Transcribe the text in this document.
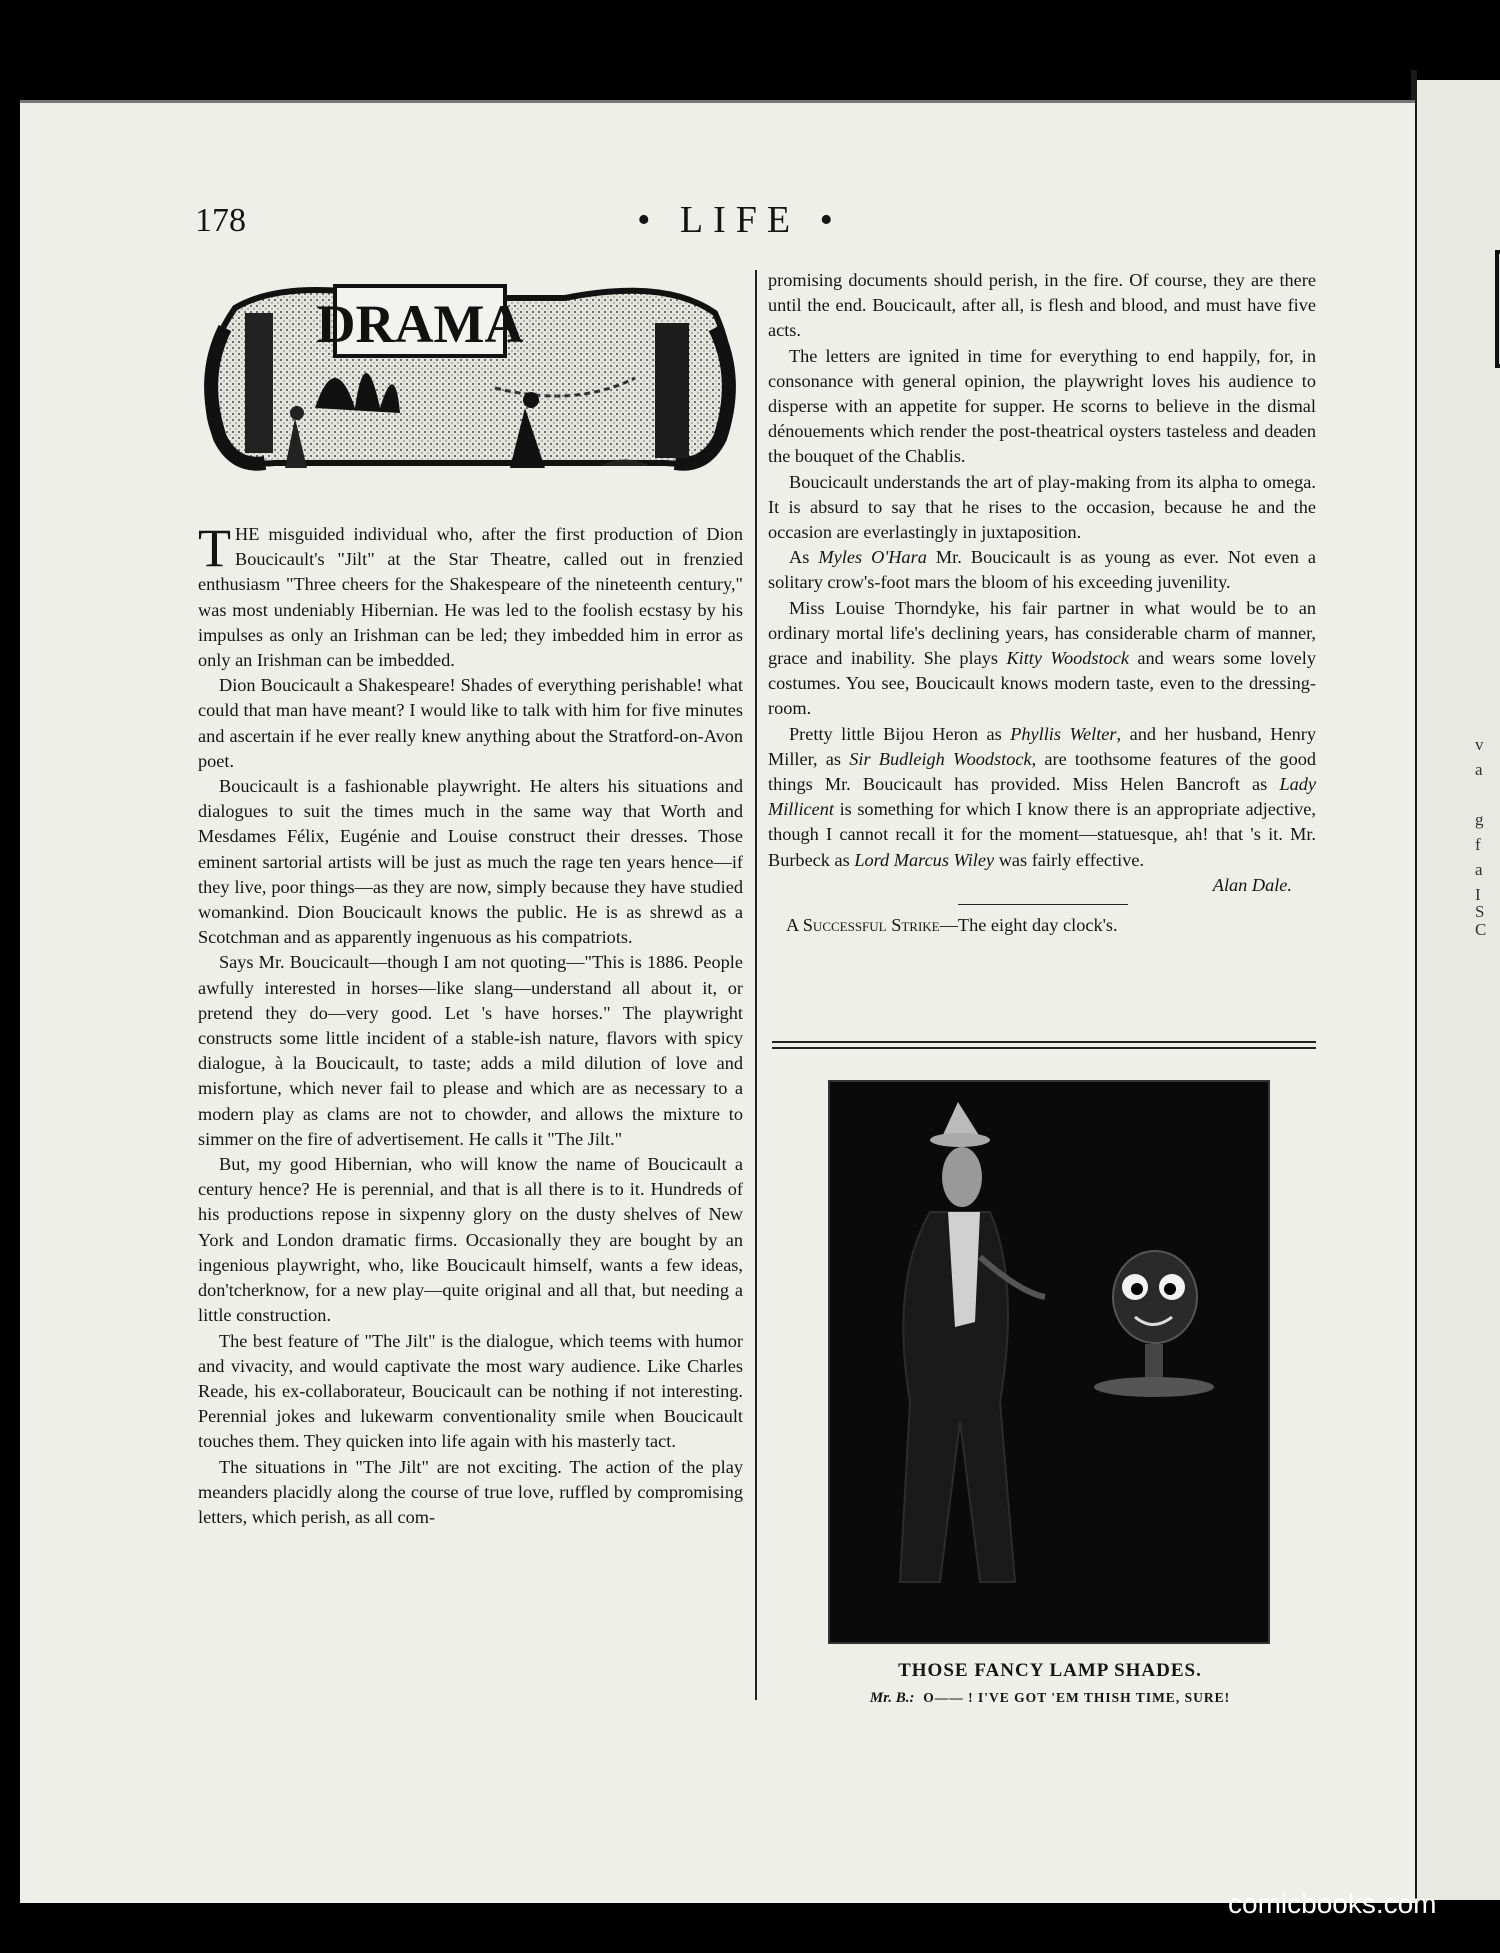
v
a
g
f
a
I
S
C
178	• LIFE •
DRAMA

THE misguided individual who, after the first production of Dion Boucicault's "Jilt" at the Star Theatre, called out in frenzied enthusiasm "Three cheers for the Shakespeare of the nineteenth century," was most undeniably Hibernian. He was led to the foolish ecstasy by his impulses as only an Irishman can be led; they imbedded him in error as only an Irishman can be imbedded.

Dion Boucicault a Shakespeare! Shades of everything perishable! what could that man have meant? I would like to talk with him for five minutes and ascertain if he ever really knew anything about the Stratford-on-Avon poet.

Boucicault is a fashionable playwright. He alters his situations and dialogues to suit the times much in the same way that Worth and Mesdames Félix, Eugénie and Louise construct their dresses. Those eminent sartorial artists will be just as much the rage ten years hence—if they live, poor things—as they are now, simply because they have studied womankind. Dion Boucicault knows the public. He is as shrewd as a Scotchman and as apparently ingenuous as his compatriots.

Says Mr. Boucicault—though I am not quoting—"This is 1886. People awfully interested in horses—like slang—understand all about it, or pretend they do—very good. Let 's have horses." The playwright constructs some little incident of a stable-ish nature, flavors with spicy dialogue, à la Boucicault, to taste; adds a mild dilution of love and misfortune, which never fail to please and which are as necessary to a modern play as clams are not to chowder, and allows the mixture to simmer on the fire of advertisement. He calls it "The Jilt."

But, my good Hibernian, who will know the name of Boucicault a century hence? He is perennial, and that is all there is to it. Hundreds of his productions repose in sixpenny glory on the dusty shelves of New York and London dramatic firms. Occasionally they are bought by an ingenious playwright, who, like Boucicault himself, wants a few ideas, don'tcherknow, for a new play—quite original and all that, but needing a little construction.

The best feature of "The Jilt" is the dialogue, which teems with humor and vivacity, and would captivate the most wary audience. Like Charles Reade, his ex-collaborateur, Boucicault can be nothing if not interesting. Perennial jokes and lukewarm conventionality smile when Boucicault touches them. They quicken into life again with his masterly tact.

The situations in "The Jilt" are not exciting. The action of the play meanders placidly along the course of true love, ruffled by compromising letters, which perish, as all com-

promising documents should perish, in the fire. Of course, they are there until the end. Boucicault, after all, is flesh and blood, and must have five acts.

The letters are ignited in time for everything to end happily, for, in consonance with general opinion, the playwright loves his audience to disperse with an appetite for supper. He scorns to believe in the dismal dénouements which render the post-theatrical oysters tasteless and deaden the bouquet of the Chablis.

Boucicault understands the art of play-making from its alpha to omega. It is absurd to say that he rises to the occasion, because he and the occasion are everlastingly in juxtaposition.

As Myles O'Hara Mr. Boucicault is as young as ever. Not even a solitary crow's-foot mars the bloom of his exceeding juvenility.

Miss Louise Thorndyke, his fair partner in what would be to an ordinary mortal life's declining years, has considerable charm of manner, grace and inability. She plays Kitty Woodstock and wears some lovely costumes. You see, Boucicault knows modern taste, even to the dressing-room.

Pretty little Bijou Heron as Phyllis Welter, and her husband, Henry Miller, as Sir Budleigh Woodstock, are toothsome features of the good things Mr. Boucicault has provided. Miss Helen Bancroft as Lady Millicent is something for which I know there is an appropriate adjective, though I cannot recall it for the moment—statuesque, ah! that 's it. Mr. Burbeck as Lord Marcus Wiley was fairly effective.

Alan Dale.

A Successful Strike—The eight day clock's.

THOSE FANCY LAMP SHADES.
Mr. B.: O—— ! I'VE GOT 'EM THISH TIME, SURE!
comicbooks.com
